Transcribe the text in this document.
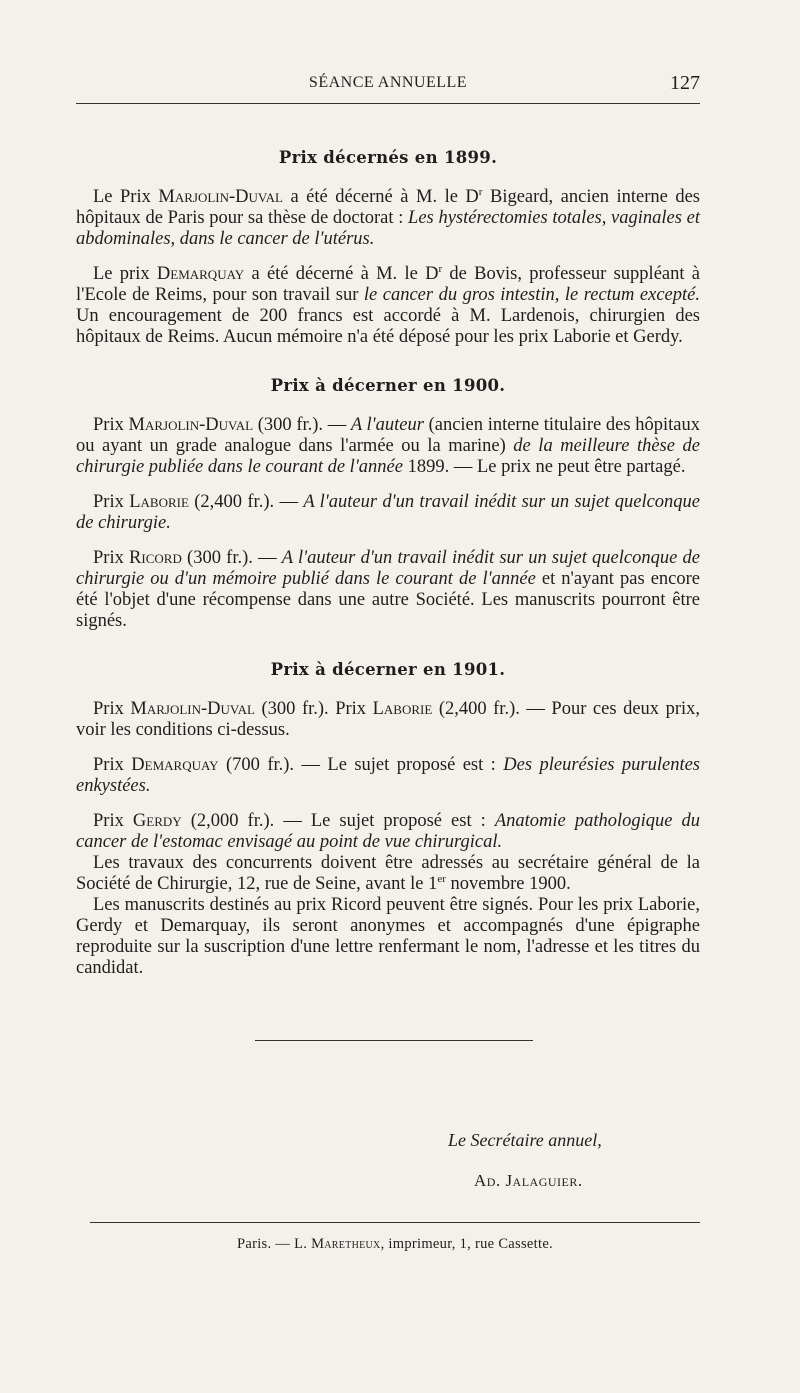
SÉANCE ANNUELLE	127
Prix décernés en 1899.

Le Prix Marjolin-Duval a été décerné à M. le $D^r$ Bigeard, ancien interne des hôpitaux de Paris pour sa thèse de doctorat : Les hystérectomies totales, vaginales et abdominales, dans le cancer de l'utérus.

Le prix Demarquay a été décerné à M. le $D^r$ de Bovis, professeur suppléant à l'Ecole de Reims, pour son travail sur le cancer du gros intestin, le rectum excepté. Un encouragement de 200 francs est accordé à M. Lardenois, chirurgien des hôpitaux de Reims. Aucun mémoire n'a été déposé pour les prix Laborie et Gerdy.

Prix à décerner en 1900.

Prix Marjolin-Duval (300 fr.). — A l'auteur (ancien interne titulaire des hôpitaux ou ayant un grade analogue dans l'armée ou la marine) de la meilleure thèse de chirurgie publiée dans le courant de l'année 1899. — Le prix ne peut être partagé.

Prix Laborie (2,400 fr.). — A l'auteur d'un travail inédit sur un sujet quelconque de chirurgie.

Prix Ricord (300 fr.). — A l'auteur d'un travail inédit sur un sujet quelconque de chirurgie ou d'un mémoire publié dans le courant de l'année et n'ayant pas encore été l'objet d'une récompense dans une autre Société. Les manuscrits pourront être signés.

Prix à décerner en 1901.

Prix Marjolin-Duval (300 fr.). Prix Laborie (2,400 fr.). — Pour ces deux prix, voir les conditions ci-dessus.

Prix Demarquay (700 fr.). — Le sujet proposé est : Des pleurésies purulentes enkystées.

Prix Gerdy (2,000 fr.). — Le sujet proposé est : Anatomie pathologique du cancer de l'estomac envisagé au point de vue chirurgical.

Les travaux des concurrents doivent être adressés au secrétaire général de la Société de Chirurgie, 12, rue de Seine, avant le 1er novembre 1900.

Les manuscrits destinés au prix Ricord peuvent être signés. Pour les prix Laborie, Gerdy et Demarquay, ils seront anonymes et accompagnés d'une épigraphe reproduite sur la suscription d'une lettre renfermant le nom, l'adresse et les titres du candidat.

Le Secrétaire annuel,
Ad. Jalaguier.
Paris. — L. Maretheux, imprimeur, 1, rue Cassette.
